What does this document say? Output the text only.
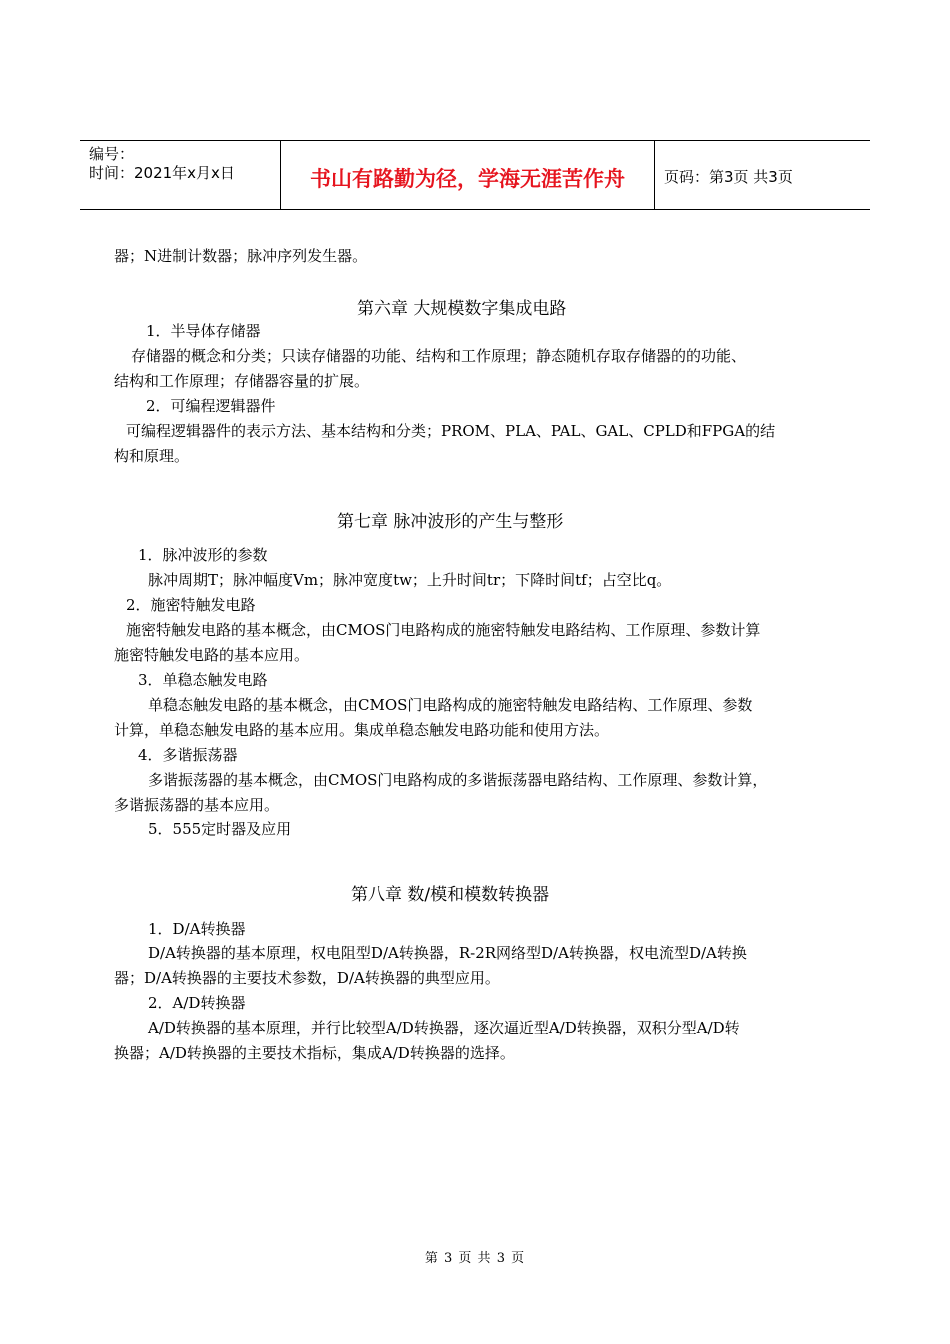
编号：
时间：2021年x月x日	书山有路勤为径，学海无涯苦作舟	页码：第3页 共3页
器；N进制计数器；脉冲序列发生器。
第六章 大规模数字集成电路
1．半导体存储器
存储器的概念和分类；只读存储器的功能、结构和工作原理；静态随机存取存储器的的功能、
结构和工作原理；存储器容量的扩展。
2．可编程逻辑器件
可编程逻辑器件的表示方法、基本结构和分类；PROM、PLA、PAL、GAL、CPLD和FPGA的结
构和原理。
第七章 脉冲波形的产生与整形
1．脉冲波形的参数
脉冲周期T；脉冲幅度Vm；脉冲宽度tw；上升时间tr；下降时间tf；占空比q。
2．施密特触发电路
施密特触发电路的基本概念，由CMOS门电路构成的施密特触发电路结构、工作原理、参数计算
施密特触发电路的基本应用。
3．单稳态触发电路
单稳态触发电路的基本概念，由CMOS门电路构成的施密特触发电路结构、工作原理、参数
计算，单稳态触发电路的基本应用。集成单稳态触发电路功能和使用方法。
4．多谐振荡器
多谐振荡器的基本概念，由CMOS门电路构成的多谐振荡器电路结构、工作原理、参数计算，
多谐振荡器的基本应用。
5．555定时器及应用
第八章 数/模和模数转换器
1．D/A转换器
D/A转换器的基本原理，权电阻型D/A转换器，R-2R网络型D/A转换器，权电流型D/A转换
器；D/A转换器的主要技术参数，D/A转换器的典型应用。
2．A/D转换器
A/D转换器的基本原理，并行比较型A/D转换器，逐次逼近型A/D转换器，双积分型A/D转
换器；A/D转换器的主要技术指标，集成A/D转换器的选择。
第 3 页 共 3 页
